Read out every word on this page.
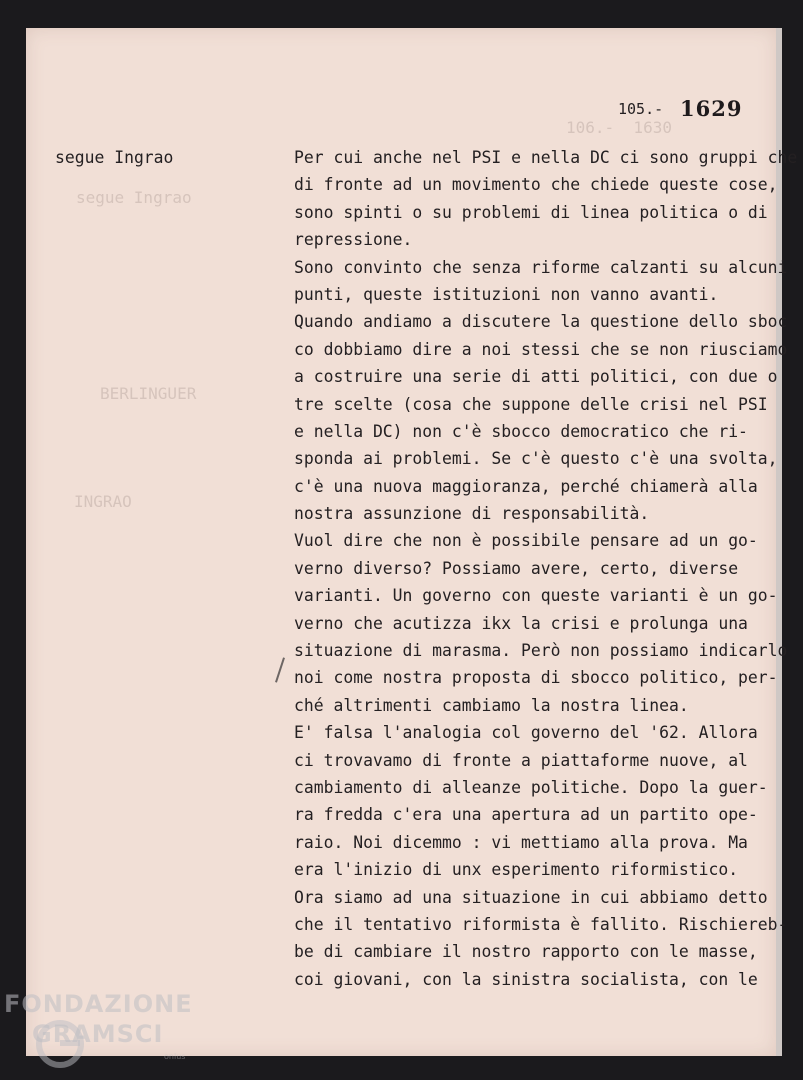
106.-  1630
segue Ingrao
BERLINGUER
INGRAO
105.- 1629
segue Ingrao	Per cui anche nel PSI e nella DC ci sono gruppi che
di fronte ad un movimento che chiede queste cose,
sono spinti o su problemi di linea politica o di
repressione.
Sono convinto che senza riforme calzanti su alcuni
punti, queste istituzioni non vanno avanti.
Quando andiamo a discutere la questione dello sboc
co dobbiamo dire a noi stessi che se non riusciamo
a costruire una serie di atti politici, con due o
tre scelte (cosa che suppone delle crisi nel PSI
e nella DC) non c'è sbocco democratico che ri-
sponda ai problemi. Se c'è questo c'è una svolta,
c'è una nuova maggioranza, perché chiamerà alla
nostra assunzione di responsabilità.
Vuol dire che non è possibile pensare ad un go-
verno diverso? Possiamo avere, certo, diverse
varianti. Un governo con queste varianti è un go-
verno che acutizza ikx la crisi e prolunga una
situazione di marasma. Però non possiamo indicarlo
noi come nostra proposta di sbocco politico, per-
ché altrimenti cambiamo la nostra linea.
E' falsa l'analogia col governo del '62. Allora
ci trovavamo di fronte a piattaforme nuove, al
cambiamento di alleanze politiche. Dopo la guer-
ra fredda c'era una apertura ad un partito ope-
raio. Noi dicemmo : vi mettiamo alla prova. Ma
era l'inizio di unx esperimento riformistico.
Ora siamo ad una situazione in cui abbiamo detto
che il tentativo riformista è fallito. Rischiereb-
be di cambiare il nostro rapporto con le masse,
coi giovani, con la sinistra socialista, con le
FONDAZIONE
GRAMSCI
onlus
